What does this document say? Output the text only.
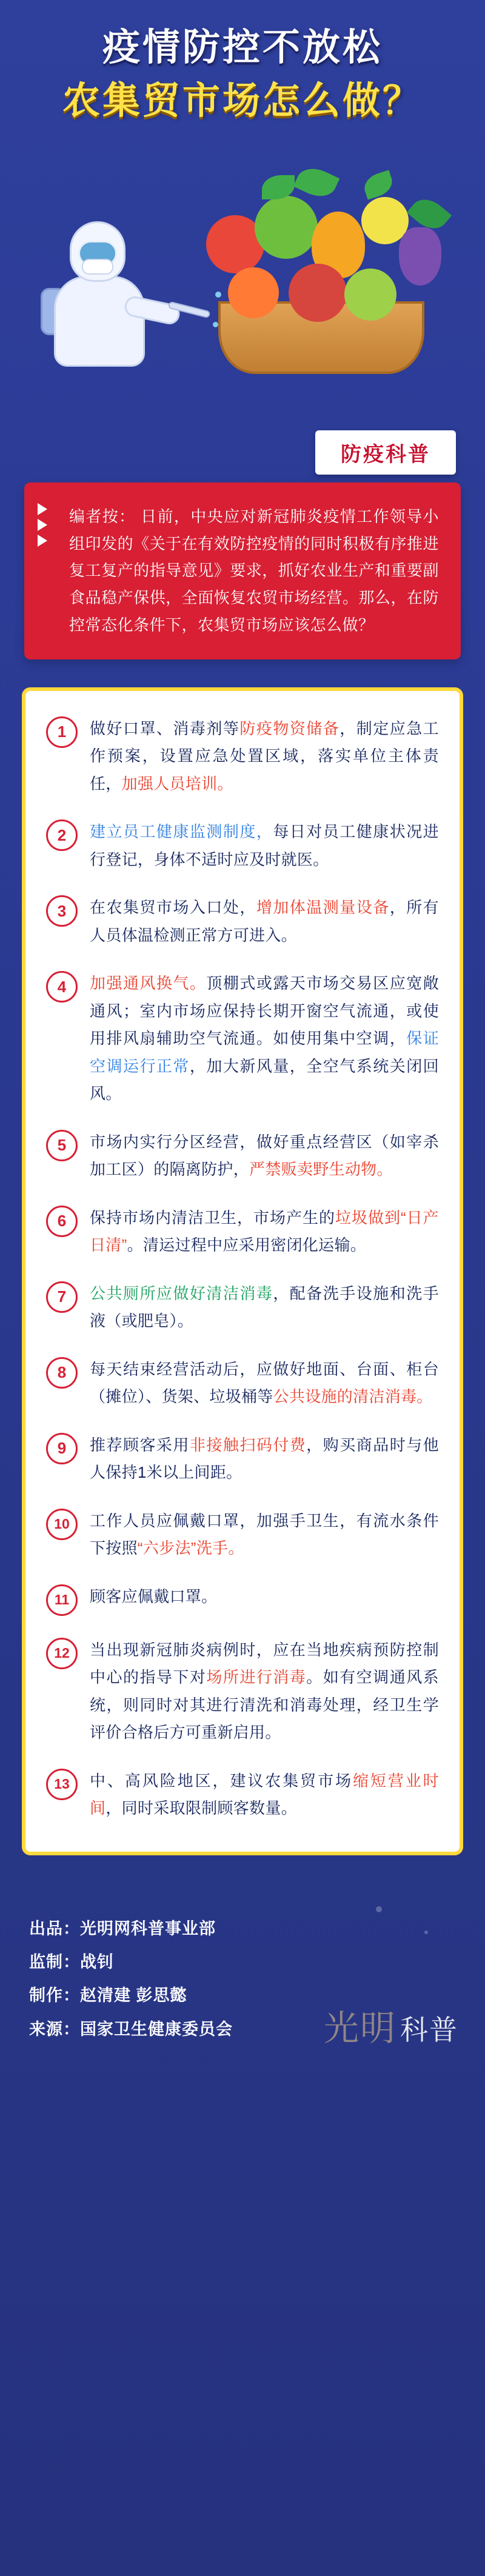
疫情防控不放松
农集贸市场怎么做？
防疫科普

编者按： 日前，中央应对新冠肺炎疫情工作领导小组印发的《关于在有效防控疫情的同时积极有序推进复工复产的指导意见》要求，抓好农业生产和重要副食品稳产保供，全面恢复农贸市场经营。那么，在防控常态化条件下，农集贸市场应该怎么做？

1	做好口罩、消毒剂等防疫物资储备，制定应急工作预案，设置应急处置区域，落实单位主体责任，加强人员培训。
2	建立员工健康监测制度，每日对员工健康状况进行登记，身体不适时应及时就医。
3	在农集贸市场入口处，增加体温测量设备，所有人员体温检测正常方可进入。
4	加强通风换气。顶棚式或露天市场交易区应宽敞通风；室内市场应保持长期开窗空气流通，或使用排风扇辅助空气流通。如使用集中空调，保证空调运行正常，加大新风量，全空气系统关闭回风。
5	市场内实行分区经营，做好重点经营区（如宰杀加工区）的隔离防护，严禁贩卖野生动物。
6	保持市场内清洁卫生，市场产生的垃圾做到“日产日清”。清运过程中应采用密闭化运输。
7	公共厕所应做好清洁消毒，配备洗手设施和洗手液（或肥皂）。
8	每天结束经营活动后，应做好地面、台面、柜台（摊位）、货架、垃圾桶等公共设施的清洁消毒。
9	推荐顾客采用非接触扫码付费，购买商品时与他人保持1米以上间距。
10	工作人员应佩戴口罩，加强手卫生，有流水条件下按照“六步法”洗手。
11	顾客应佩戴口罩。
12	当出现新冠肺炎病例时，应在当地疾病预防控制中心的指导下对场所进行消毒。如有空调通风系统，则同时对其进行清洗和消毒处理，经卫生学评价合格后方可重新启用。
13	中、高风险地区，建议农集贸市场缩短营业时间，同时采取限制顾客数量。
出品：光明网科普事业部
监制：战钊
制作：赵清建 彭思懿
来源：国家卫生健康委员会	光明 科普
